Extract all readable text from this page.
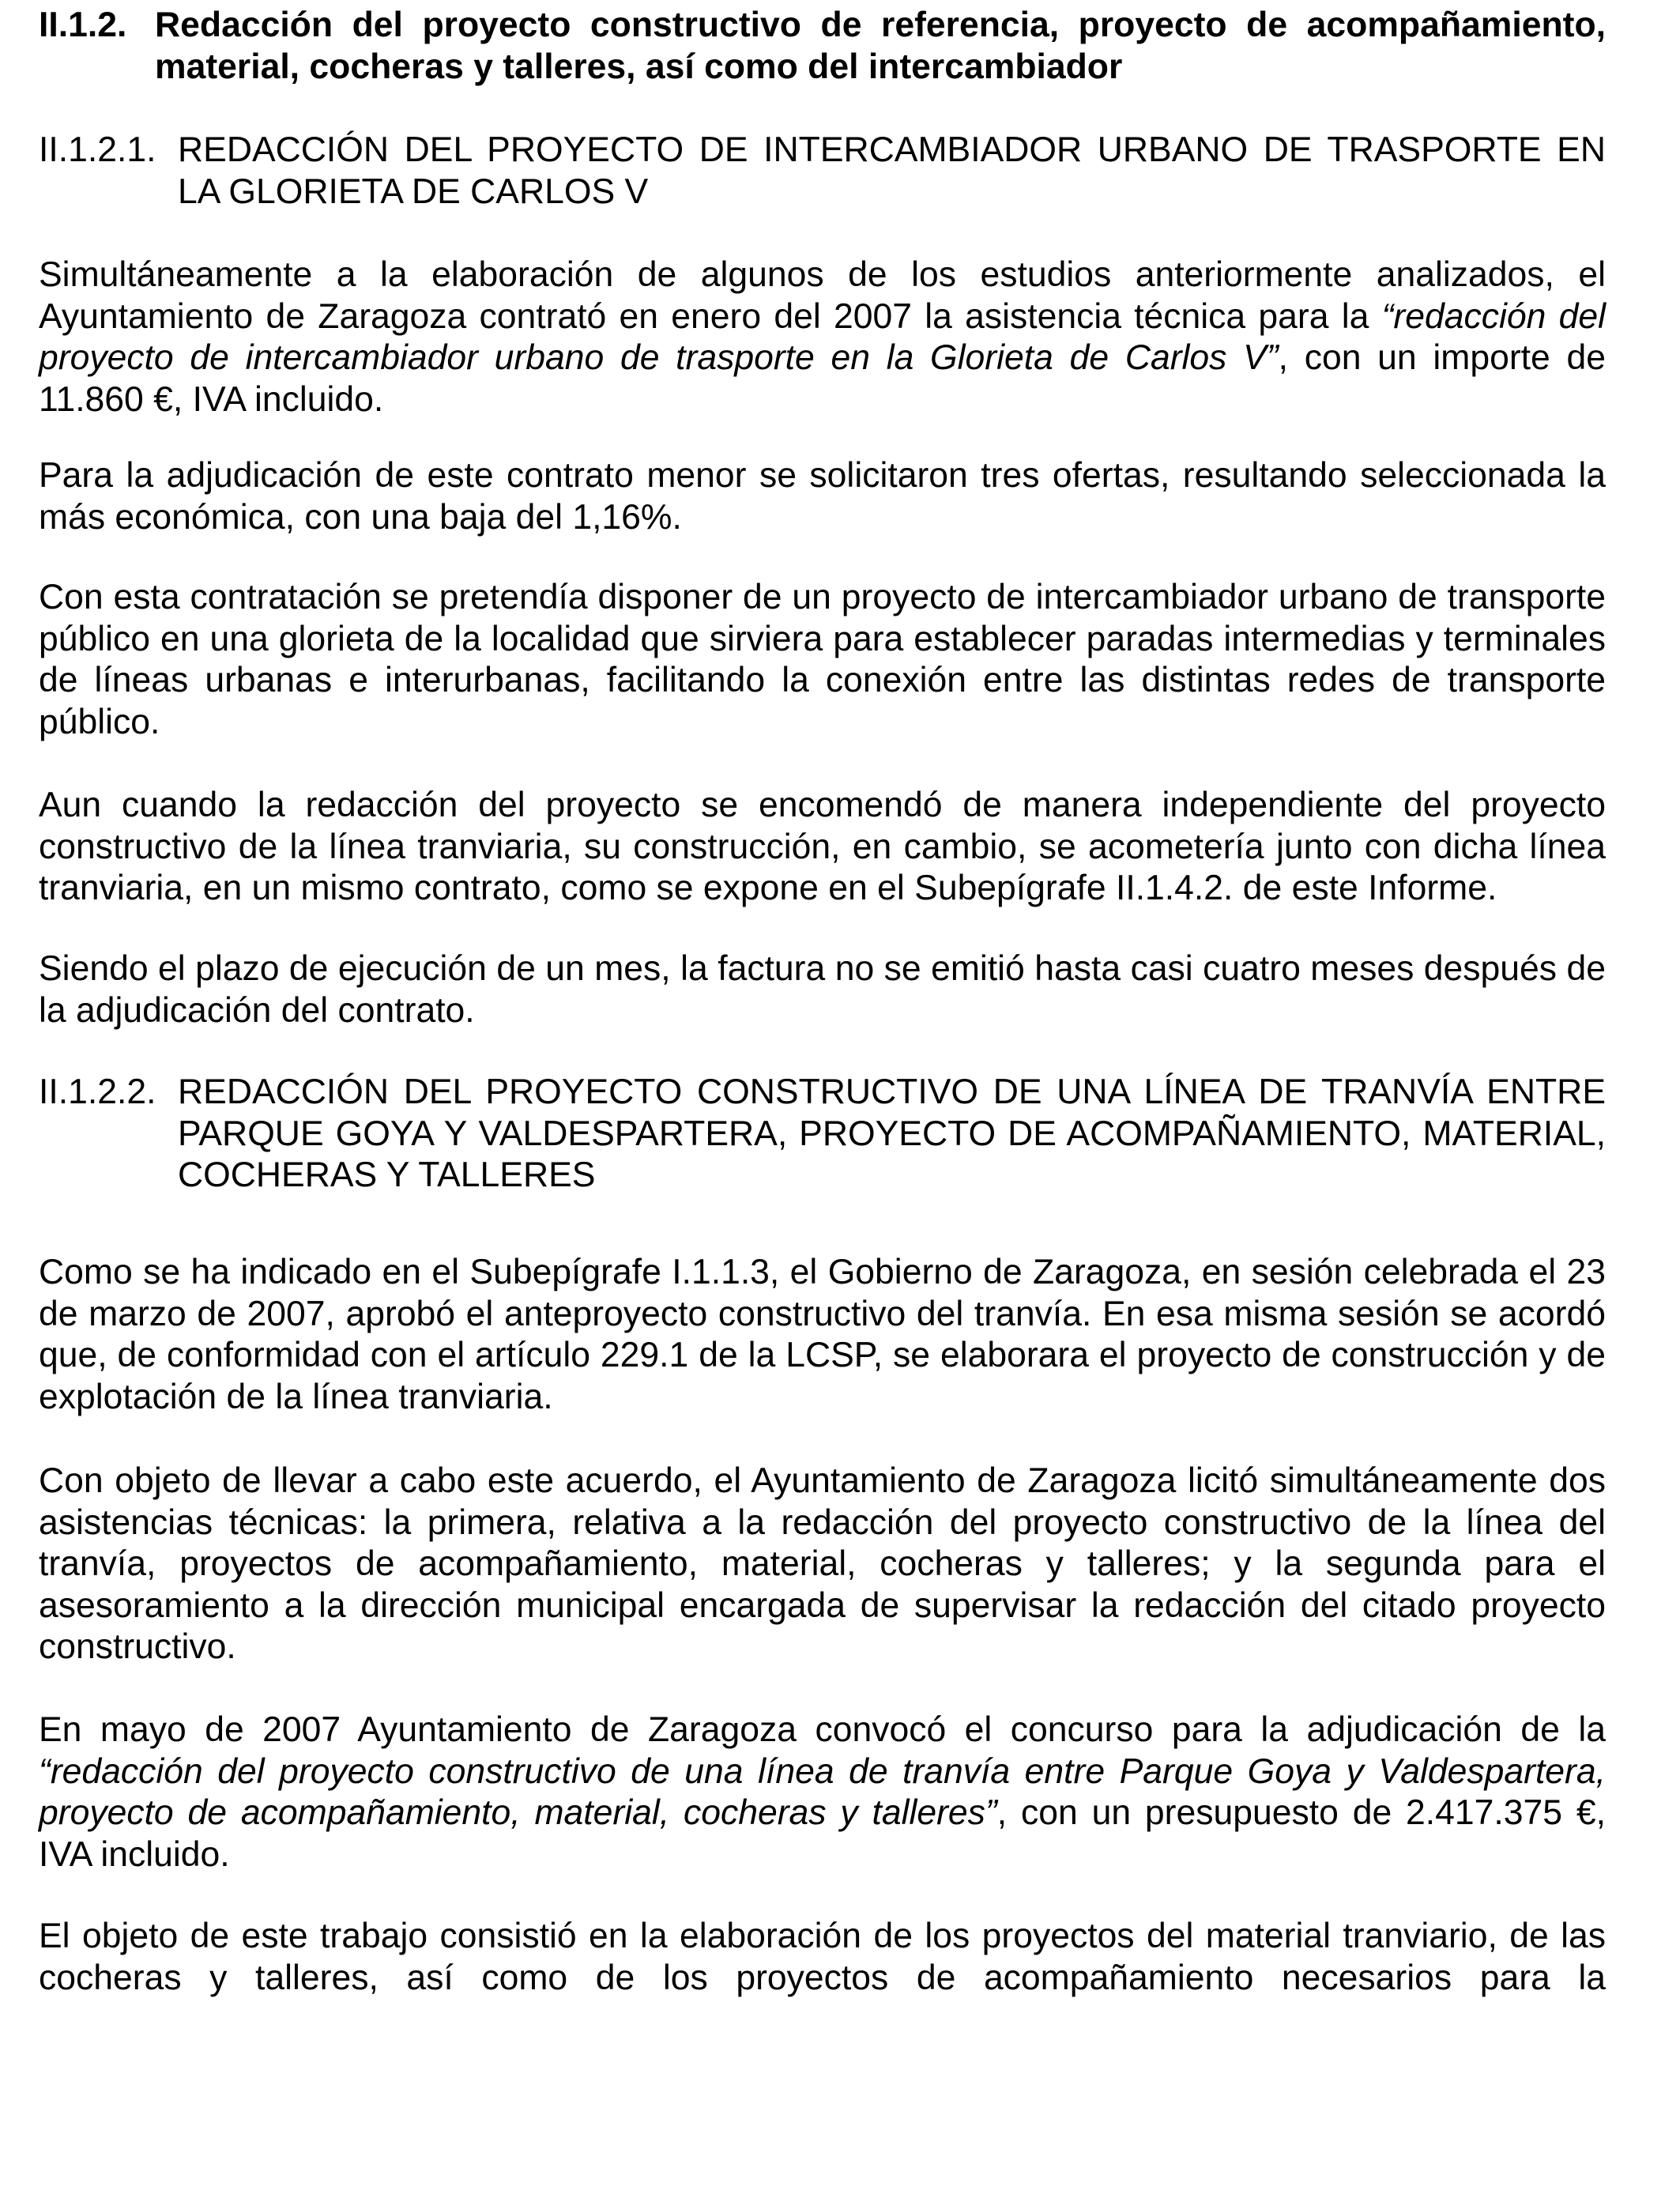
II.1.2. Redacción del proyecto constructivo de referencia, proyecto de acompañamiento, material, cocheras y talleres, así como del intercambiador
II.1.2.1. REDACCIÓN DEL PROYECTO DE INTERCAMBIADOR URBANO DE TRASPORTE EN LA GLORIETA DE CARLOS V

Simultáneamente a la elaboración de algunos de los estudios anteriormente analizados, el Ayuntamiento de Zaragoza contrató en enero del 2007 la asistencia técnica para la “redacción del proyecto de intercambiador urbano de trasporte en la Glorieta de Carlos V”, con un importe de 11.860 €, IVA incluido.

Para la adjudicación de este contrato menor se solicitaron tres ofertas, resultando seleccionada la más económica, con una baja del 1,16%.

Con esta contratación se pretendía disponer de un proyecto de intercambiador urbano de transporte público en una glorieta de la localidad que sirviera para establecer paradas intermedias y terminales de líneas urbanas e interurbanas, facilitando la conexión entre las distintas redes de transporte público.

Aun cuando la redacción del proyecto se encomendó de manera independiente del proyecto constructivo de la línea tranviaria, su construcción, en cambio, se acometería junto con dicha línea tranviaria, en un mismo contrato, como se expone en el Subepígrafe II.1.4.2. de este Informe.

Siendo el plazo de ejecución de un mes, la factura no se emitió hasta casi cuatro meses después de la adjudicación del contrato.

II.1.2.2. REDACCIÓN DEL PROYECTO CONSTRUCTIVO DE UNA LÍNEA DE TRANVÍA ENTRE PARQUE GOYA Y VALDESPARTERA, PROYECTO DE ACOMPAÑAMIENTO, MATERIAL, COCHERAS Y TALLERES

Como se ha indicado en el Subepígrafe I.1.1.3, el Gobierno de Zaragoza, en sesión celebrada el 23 de marzo de 2007, aprobó el anteproyecto constructivo del tranvía. En esa misma sesión se acordó que, de conformidad con el artículo 229.1 de la LCSP, se elaborara el proyecto de construcción y de explotación de la línea tranviaria.

Con objeto de llevar a cabo este acuerdo, el Ayuntamiento de Zaragoza licitó simultáneamente dos asistencias técnicas: la primera, relativa a la redacción del proyecto constructivo de la línea del tranvía, proyectos de acompañamiento, material, cocheras y talleres; y la segunda para el asesoramiento a la dirección municipal encargada de supervisar la redacción del citado proyecto constructivo.

En mayo de 2007 Ayuntamiento de Zaragoza convocó el concurso para la adjudicación de la “redacción del proyecto constructivo de una línea de tranvía entre Parque Goya y Valdespartera, proyecto de acompañamiento, material, cocheras y talleres”, con un presupuesto de 2.417.375 €, IVA incluido.

El objeto de este trabajo consistió en la elaboración de los proyectos del material tranviario, de las cocheras y talleres, así como de los proyectos de acompañamiento necesarios para la
